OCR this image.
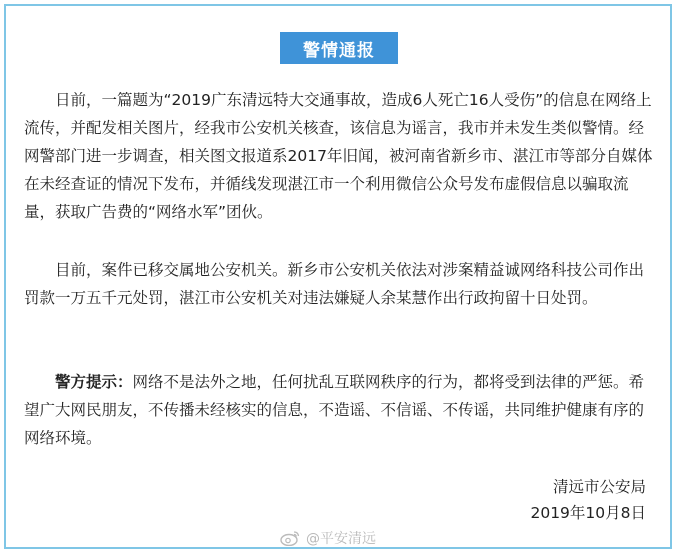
警情通报

日前，一篇题为“2019广东清远特大交通事故，造成6人死亡16人受伤”的信息在网络上流传，并配发相关图片，经我市公安机关核查，该信息为谣言，我市并未发生类似警情。经网警部门进一步调查，相关图文报道系2017年旧闻，被河南省新乡市、湛江市等部分自媒体在未经查证的情况下发布，并循线发现湛江市一个利用微信公众号发布虚假信息以骗取流量，获取广告费的“网络水军”团伙。

目前，案件已移交属地公安机关。新乡市公安机关依法对涉案精益诚网络科技公司作出罚款一万五千元处罚，湛江市公安机关对违法嫌疑人余某慧作出行政拘留十日处罚。

警方提示：网络不是法外之地，任何扰乱互联网秩序的行为，都将受到法律的严惩。希望广大网民朋友，不传播未经核实的信息，不造谣、不信谣、不传谣，共同维护健康有序的网络环境。

清远市公安局
2019年10月8日
@平安清远
